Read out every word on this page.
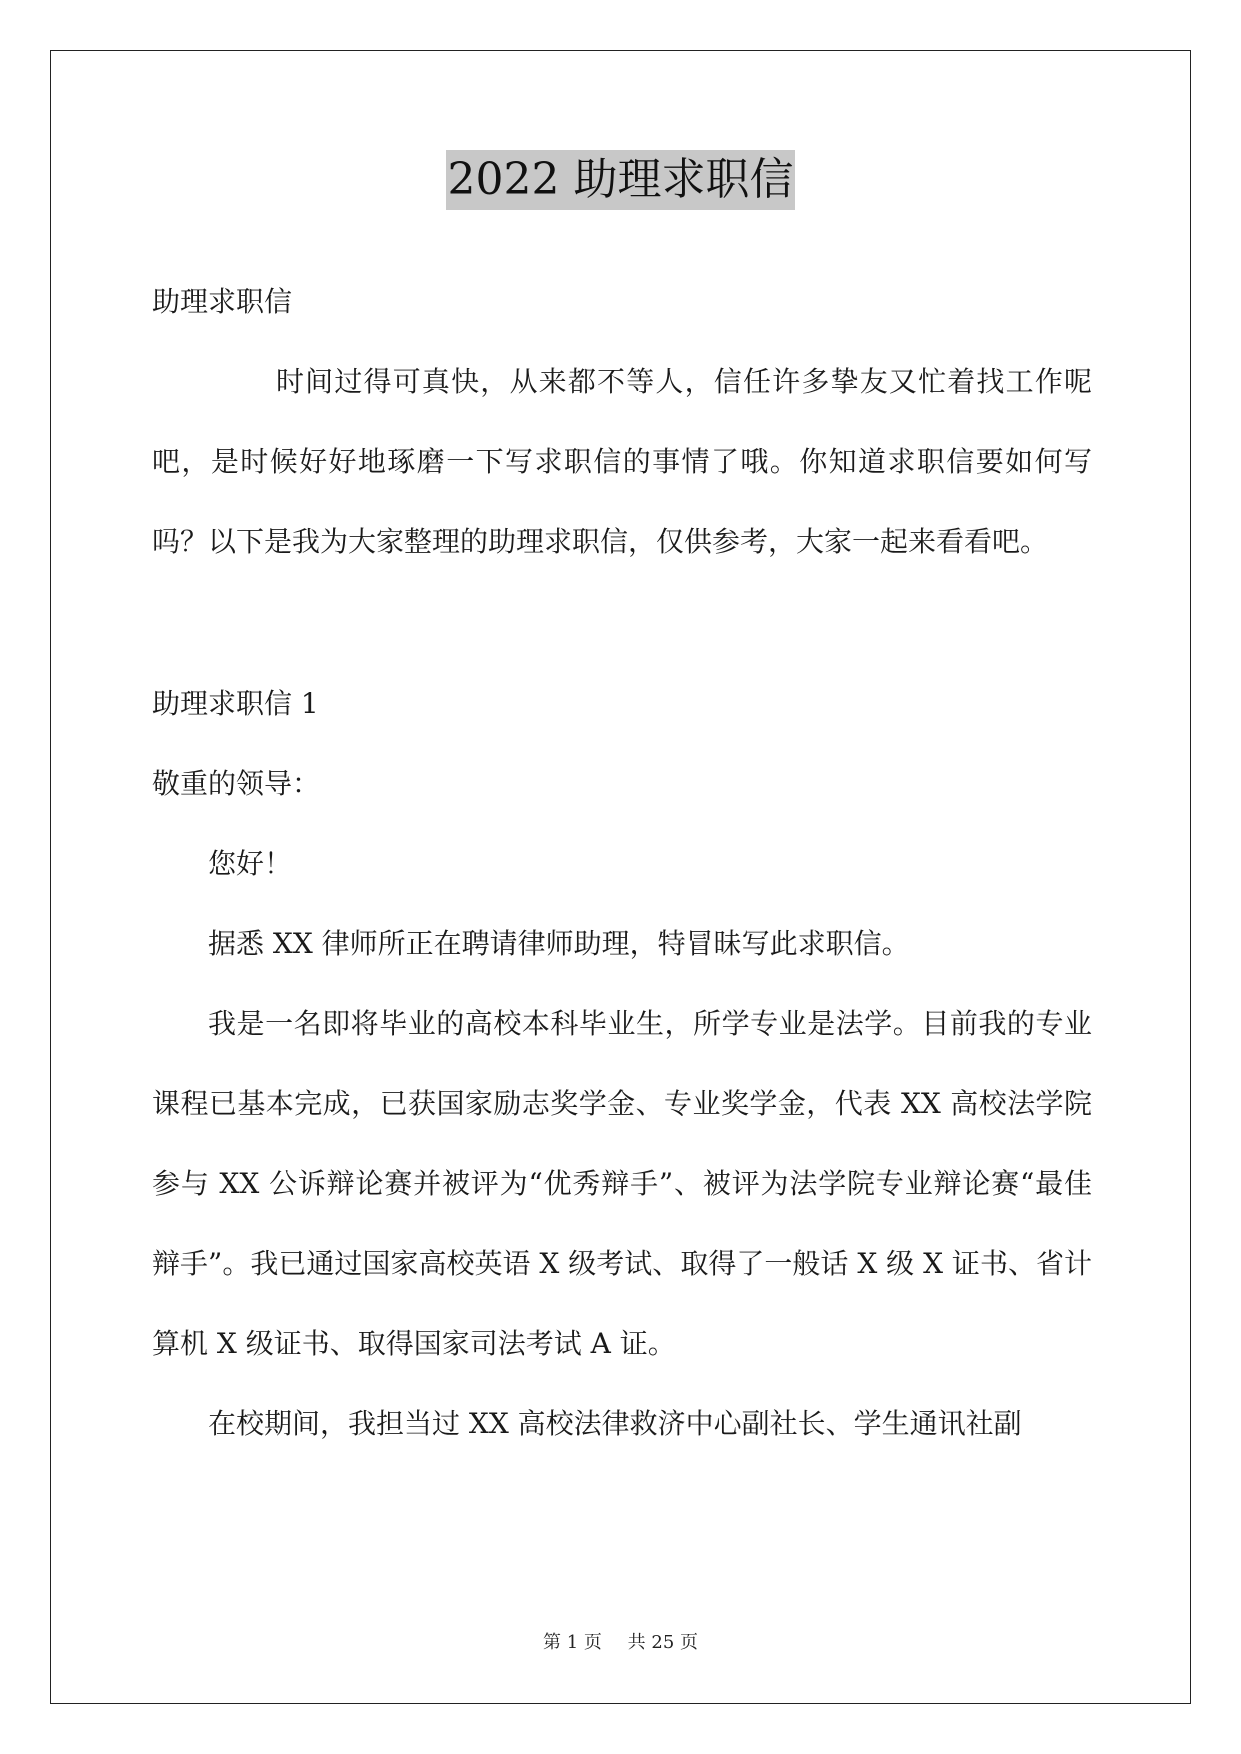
2022 助理求职信

助理求职信

时间过得可真快，从来都不等人，信任许多挚友又忙着找工作呢吧，是时候好好地琢磨一下写求职信的事情了哦。你知道求职信要如何写吗？以下是我为大家整理的助理求职信，仅供参考，大家一起来看看吧。

助理求职信 1

敬重的领导：

您好！

据悉 XX 律师所正在聘请律师助理，特冒昧写此求职信。

我是一名即将毕业的高校本科毕业生，所学专业是法学。目前我的专业课程已基本完成，已获国家励志奖学金、专业奖学金，代表 XX 高校法学院参与 XX 公诉辩论赛并被评为“优秀辩手”、被评为法学院专业辩论赛“最佳辩手”。我已通过国家高校英语 X 级考试、取得了一般话 X 级 X 证书、省计算机 X 级证书、取得国家司法考试 A 证。

在校期间，我担当过 XX 高校法律救济中心副社长、学生通讯社副

第 1 页 共 25 页
